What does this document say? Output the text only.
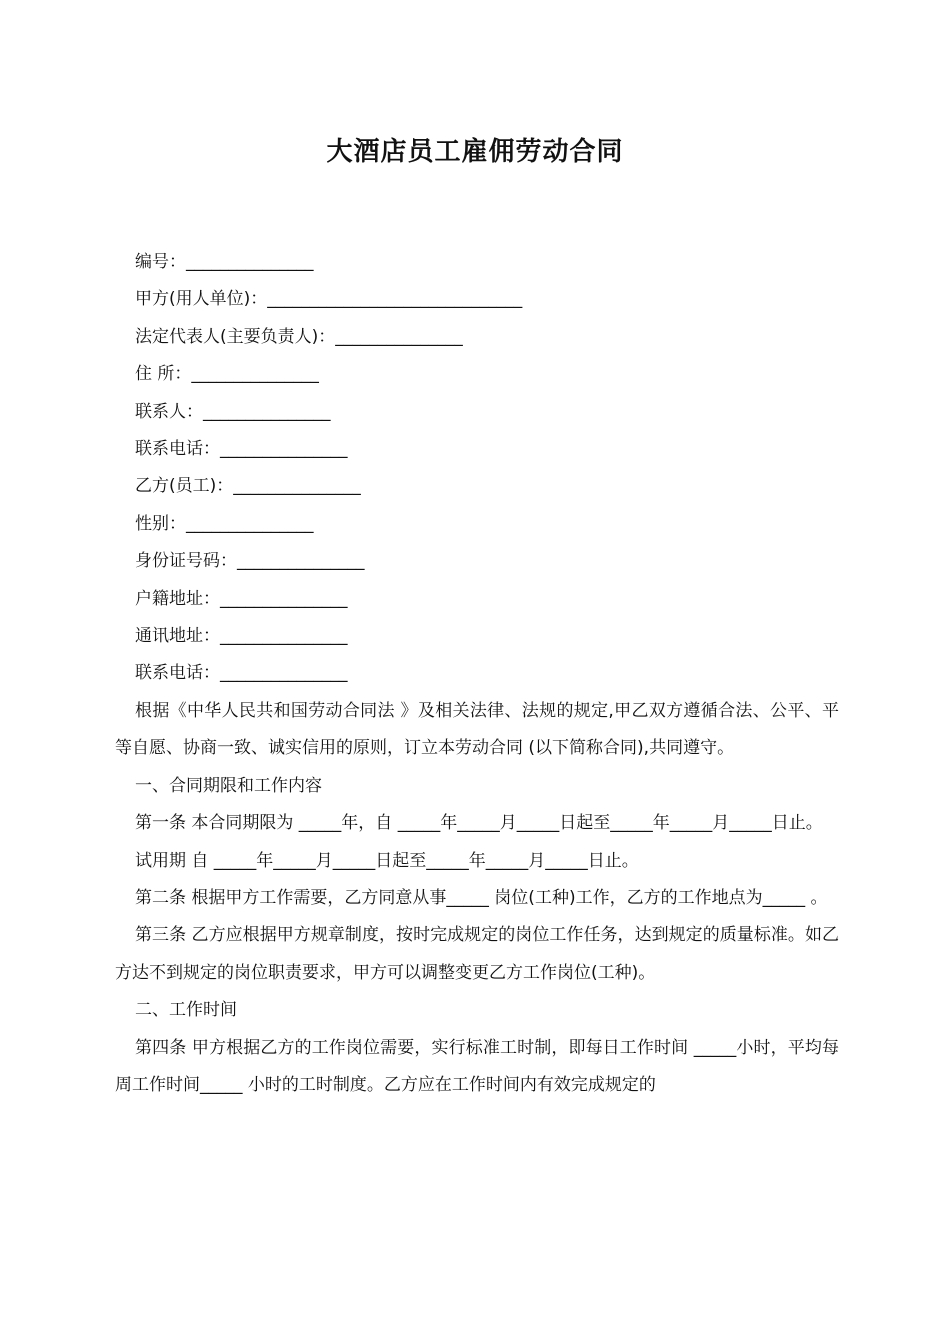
大酒店员工雇佣劳动合同
编号：_______________
甲方(用人单位)：______________________________
法定代表人(主要负责人)：_______________
住 所：_______________
联系人：_______________
联系电话：_______________
乙方(员工)：_______________
性别：_______________
身份证号码：_______________
户籍地址：_______________
通讯地址：_______________
联系电话：_______________
根据《中华人民共和国劳动合同法 》及相关法律、法规的规定,甲乙双方遵循合法、公平、平等自愿、协商一致、诚实信用的原则，订立本劳动合同 (以下简称合同),共同遵守。
一、合同期限和工作内容
第一条 本合同期限为 _____年，自 _____年_____月_____日起至_____年_____月_____日止。
试用期 自 _____年_____月_____日起至_____年_____月_____日止。
第二条 根据甲方工作需要，乙方同意从事_____ 岗位(工种)工作，乙方的工作地点为_____ 。
第三条 乙方应根据甲方规章制度，按时完成规定的岗位工作任务，达到规定的质量标准。如乙方达不到规定的岗位职责要求，甲方可以调整变更乙方工作岗位(工种)。
二、工作时间
第四条 甲方根据乙方的工作岗位需要，实行标准工时制，即每日工作时间 _____小时，平均每周工作时间_____ 小时的工时制度。乙方应在工作时间内有效完成规定的
